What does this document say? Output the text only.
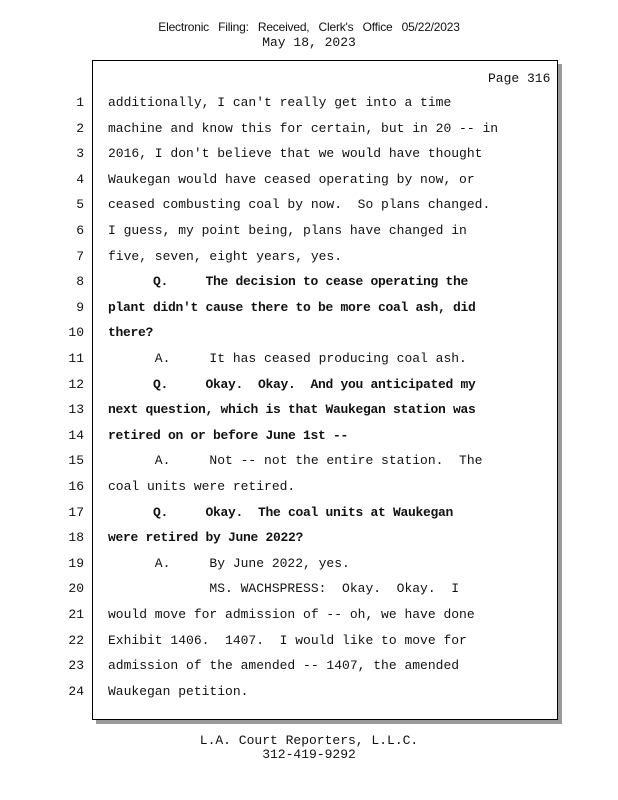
Electronic Filing: Received, Clerk's Office 05/22/2023
May 18, 2023
Page 316
1 additionally, I can't really get into a time
2 machine and know this for certain, but in 20 -- in
3 2016, I don't believe that we would have thought
4 Waukegan would have ceased operating by now, or
5 ceased combusting coal by now.  So plans changed.
6 I guess, my point being, plans have changed in
7 five, seven, eight years, yes.
8 Q.     The decision to cease operating the
9 plant didn't cause there to be more coal ash, did
10 there?
11 A.     It has ceased producing coal ash.
12 Q.     Okay.  Okay.  And you anticipated my
13 next question, which is that Waukegan station was
14 retired on or before June 1st --
15 A.     Not -- not the entire station.  The
16 coal units were retired.
17 Q.     Okay.  The coal units at Waukegan
18 were retired by June 2022?
19 A.     By June 2022, yes.
20 MS. WACHSPRESS:  Okay.  Okay.  I
21 would move for admission of -- oh, we have done
22 Exhibit 1406.  1407.  I would like to move for
23 admission of the amended -- 1407, the amended
24 Waukegan petition.
L.A. Court Reporters, L.L.C.
312-419-9292
